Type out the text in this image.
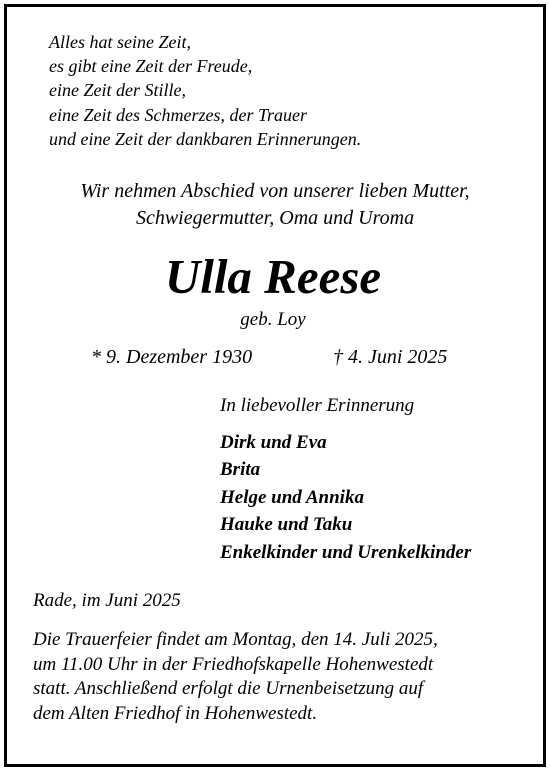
Alles hat seine Zeit,
es gibt eine Zeit der Freude,
eine Zeit der Stille,
eine Zeit des Schmerzes, der Trauer
und eine Zeit der dankbaren Erinnerungen.
Wir nehmen Abschied von unserer lieben Mutter,
Schwiegermutter, Oma und Uroma
Ulla Reese
geb. Loy
* 9. Dezember 1930	† 4. Juni 2025
In liebevoller Erinnerung
Dirk und Eva
Brita
Helge und Annika
Hauke und Taku
Enkelkinder und Urenkelkinder
Rade, im Juni 2025
Die Trauerfeier findet am Montag, den 14. Juli 2025,
um 11.00 Uhr in der Friedhofskapelle Hohenwestedt
statt. Anschließend erfolgt die Urnenbeisetzung auf
dem Alten Friedhof in Hohenwestedt.
